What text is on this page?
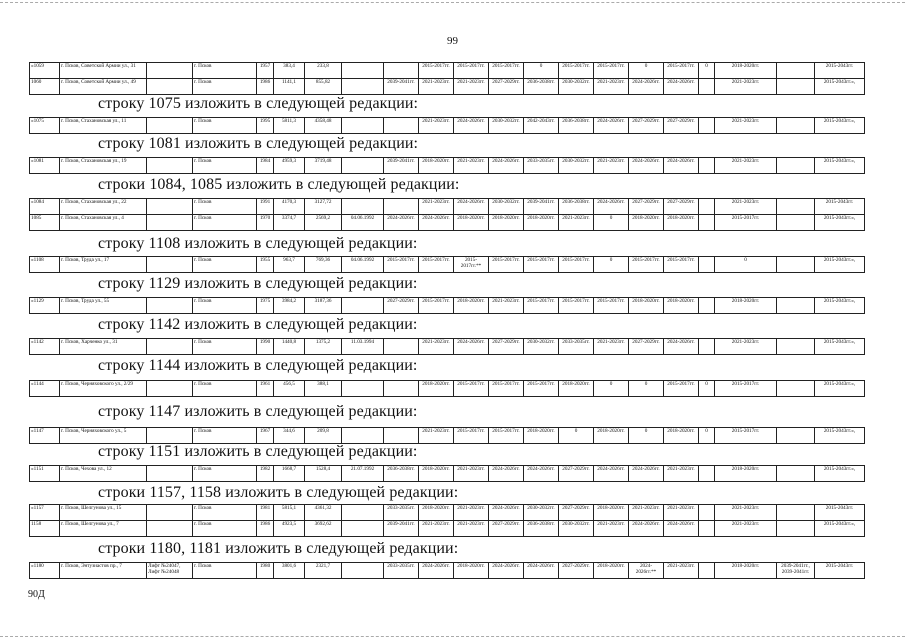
99
«1059	г. Псков, Советской Армии ул., 31		г. Псков	1957	383,4	233,8			2015-2017гг.	2015-2017гг.	2015-2017гг.	0	2015-2017гг.	2015-2017гг.	0	2015-2017гг.	0	2018-2020гг.		2015-2043гг.
1060	г. Псков, Советской Армии ул., 49		г. Псков	1986	1141,1	855,82		2039-2041гг.	2021-2023гг.	2021-2023гг.	2027-2029гг.	2036-2038гг.	2030-2032гг.	2021-2023гг.	2024-2026гг.	2024-2026гг.		2021-2023гг.		2015-2043гг.»,
строку 1075 изложить в следующей редакции:
«1075	г. Псков, Стахановская ул., 11		г. Псков	1995	5811,3	4358,48			2021-2023гг.	2024-2026гг.	2030-2032гг.	2042-2043гг.	2036-2038гг.	2024-2026гг.	2027-2029гг.	2027-2029гг.		2021-2023гг.		2015-2043гг.»,
строку 1081 изложить в следующей редакции:
«1081	г. Псков, Стахановская ул., 19		г. Псков	1984	4959,3	3719,48		2039-2041гг.	2018-2020гг.	2021-2023гг.	2024-2026гг.	2033-2035гг.	2030-2032гг.	2021-2023гг.	2024-2026гг.	2024-2026гг.		2021-2023гг.		2015-2043гг.»,
строки 1084, 1085 изложить в следующей редакции:
«1084	г. Псков, Стахановская ул., 22		г. Псков	1991	4170,3	3127,72			2021-2023гг.	2024-2026гг.	2030-2032гг.	2039-2041гг.	2036-2038гг.	2024-2026гг.	2027-2029гг.	2027-2029гг.		2021-2023гг.		2015-2043гг.
1085	г. Псков, Стахановская ул., 4		г. Псков	1970	3374,7	2569,2	04.06.1992	2024-2026гг.	2024-2026гг.	2018-2020гг.	2018-2020гг.	2018-2020гг.	2021-2023гг.	0	2018-2020гг.	2018-2020гг.		2015-2017гг.		2015-2043гг.»,
строку 1108 изложить в следующей редакции:
«1108	г. Псков, Труда ул., 17		г. Псков	1955	963,7	769,36	04.06.1992	2015-2017гг.	2015-2017гг.	2015-2017гг.**	2015-2017гг.	2015-2017гг.	2015-2017гг.	0	2015-2017гг.	2015-2017гг.		0		2015-2043гг.»,
строку 1129 изложить в следующей редакции:
«1129	г. Псков, Труда ул., 55		г. Псков	1975	3984,2	3187,36		2027-2029гг.	2015-2017гг.	2018-2020гг.	2021-2023гг.	2015-2017гг.	2015-2017гг.	2015-2017гг.	2018-2020гг.	2018-2020гг.		2018-2020гг.		2015-2043гг.»,
строку 1142 изложить в следующей редакции:
«1142	г. Псков, Харченко ул., 31		г. Псков	1990	1440,8	1375,2	11.03.1994		2021-2023гг.	2024-2026гг.	2027-2029гг.	2030-2032гг.	2033-2035гг.	2021-2023гг.	2027-2029гг.	2024-2026гг.		2021-2023гг.		2015-2043гг.»,
строку 1144 изложить в следующей редакции:
«1144	г. Псков, Черняховского ул., 2/29		г. Псков	1961	456,5	388,1			2018-2020гг.	2015-2017гг.	2015-2017гг.	2015-2017гг.	2018-2020гг.	0	0	2015-2017гг.	0	2015-2017гг.		2015-2043гг.»,
строку 1147 изложить в следующей редакции:
«1147	г. Псков, Черняховского ул., 5		г. Псков	1967	344,6	209,8			2021-2023гг.	2015-2017гг.	2015-2017гг.	2018-2020гг.	0	2018-2020гг.	0	2018-2020гг.	0	2015-2017гг.		2015-2043гг.»,
строку 1151 изложить в следующей редакции:
«1151	г. Псков, Чехова ул., 12		г. Псков	1982	1668,7	1528,4	21.07.1992	2036-2038гг.	2018-2020гг.	2021-2023гг.	2024-2026гг.	2024-2026гг.	2027-2029гг.	2024-2026гг.	2024-2026гг.	2021-2023гг.		2018-2020гг.		2015-2043гг.»,
строки 1157, 1158 изложить в следующей редакции:
«1157	г. Псков, Шелгунова ул., 15		г. Псков	1981	5815,1	4361,32		2033-2035гг.	2018-2020гг.	2021-2023гг.	2024-2026гг.	2030-2032гг.	2027-2029гг.	2018-2020гг.	2021-2023гг.	2021-2023гг.		2021-2023гг.		2015-2043гг.
1158	г. Псков, Шелгунова ул., 7		г. Псков	1986	4923,5	3692,62		2039-2041гг.	2021-2023гг.	2021-2023гг.	2027-2029гг.	2036-2038гг.	2030-2032гг.	2021-2023гг.	2024-2026гг.	2024-2026гг.		2021-2023гг.		2015-2043гг.»,
строки 1180, 1181 изложить в следующей редакции:
«1180	г. Псков, Энтузиастов пр., 7	Лифт №24047, Лифт №24048	г. Псков	1980	3801,6	2321,7		2033-2035гг.	2024-2026гг.	2018-2020гг.	2024-2026гг.	2024-2026гг.	2027-2029гг.	2018-2020гг.	2024-2026гг.**	2021-2023гг.		2018-2020гг.	2039-2041гг., 2039-2041гг.	2015-2043гг.
90Д
